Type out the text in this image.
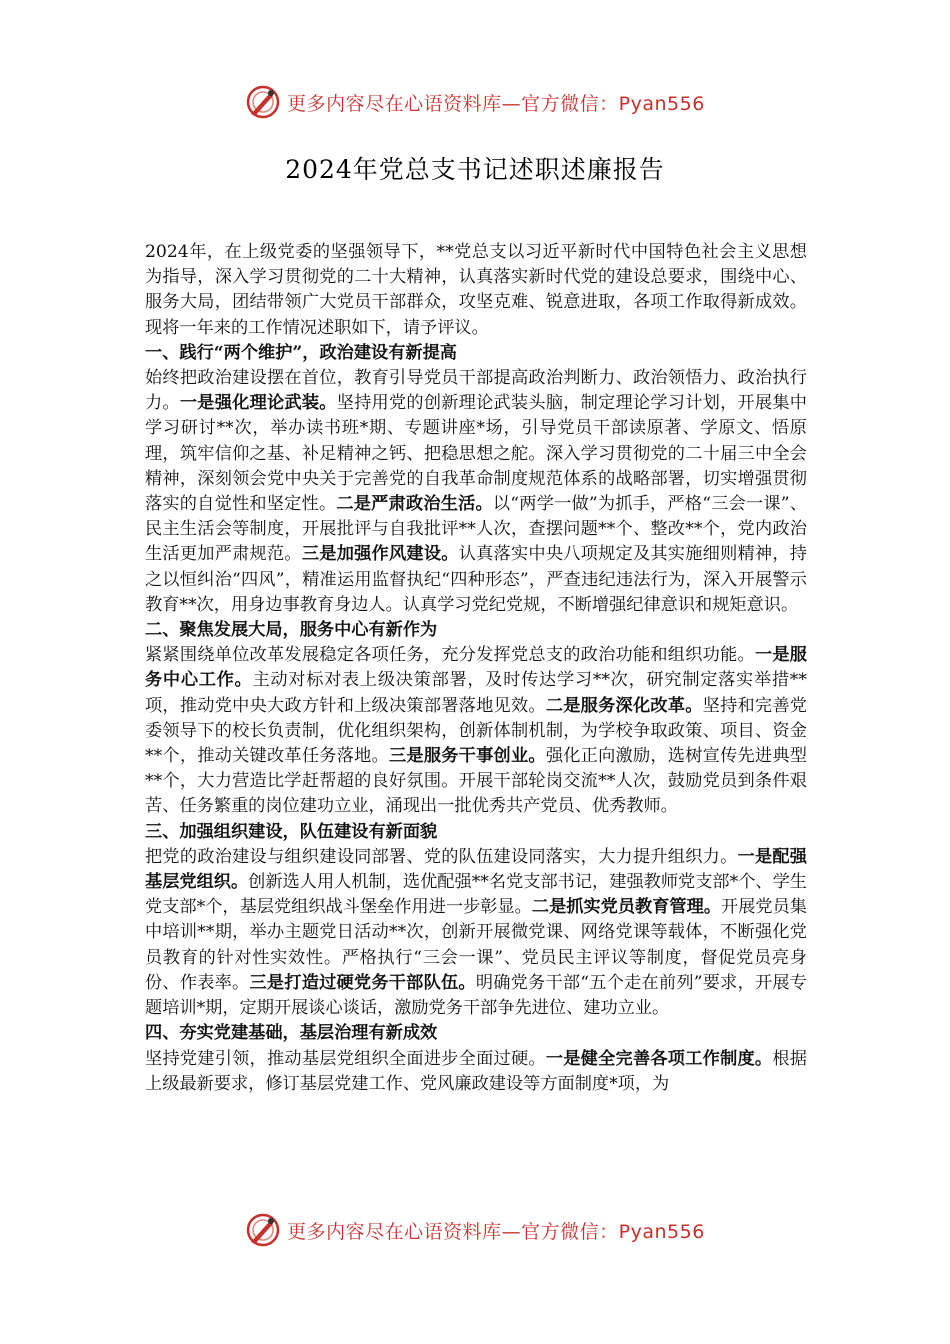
更多内容尽在心语资料库—官方微信：Pyan556
2024年党总支书记述职述廉报告

2024年，在上级党委的坚强领导下，**党总支以习近平新时代中国特色社会主义思想为指导，深入学习贯彻党的二十大精神，认真落实新时代党的建设总要求，围绕中心、服务大局，团结带领广大党员干部群众，攻坚克难、锐意进取，各项工作取得新成效。现将一年来的工作情况述职如下，请予评议。

一、践行“两个维护”，政治建设有新提高

始终把政治建设摆在首位，教育引导党员干部提高政治判断力、政治领悟力、政治执行力。一是强化理论武装。坚持用党的创新理论武装头脑，制定理论学习计划，开展集中学习研讨**次，举办读书班*期、专题讲座*场，引导党员干部读原著、学原文、悟原理，筑牢信仰之基、补足精神之钙、把稳思想之舵。深入学习贯彻党的二十届三中全会精神，深刻领会党中央关于完善党的自我革命制度规范体系的战略部署，切实增强贯彻落实的自觉性和坚定性。二是严肃政治生活。以“两学一做”为抓手，严格“三会一课”、民主生活会等制度，开展批评与自我批评**人次，查摆问题**个、整改**个，党内政治生活更加严肃规范。三是加强作风建设。认真落实中央八项规定及其实施细则精神，持之以恒纠治“四风”，精准运用监督执纪“四种形态”，严查违纪违法行为，深入开展警示教育**次，用身边事教育身边人。认真学习党纪党规，不断增强纪律意识和规矩意识。

二、聚焦发展大局，服务中心有新作为

紧紧围绕单位改革发展稳定各项任务，充分发挥党总支的政治功能和组织功能。一是服务中心工作。主动对标对表上级决策部署，及时传达学习**次，研究制定落实举措**项，推动党中央大政方针和上级决策部署落地见效。二是服务深化改革。坚持和完善党委领导下的校长负责制，优化组织架构，创新体制机制，为学校争取政策、项目、资金**个，推动关键改革任务落地。三是服务干事创业。强化正向激励，选树宣传先进典型**个，大力营造比学赶帮超的良好氛围。开展干部轮岗交流**人次，鼓励党员到条件艰苦、任务繁重的岗位建功立业，涌现出一批优秀共产党员、优秀教师。

三、加强组织建设，队伍建设有新面貌

把党的政治建设与组织建设同部署、党的队伍建设同落实，大力提升组织力。一是配强基层党组织。创新选人用人机制，选优配强**名党支部书记，建强教师党支部*个、学生党支部*个，基层党组织战斗堡垒作用进一步彰显。二是抓实党员教育管理。开展党员集中培训**期，举办主题党日活动**次，创新开展微党课、网络党课等载体，不断强化党员教育的针对性实效性。严格执行“三会一课”、党员民主评议等制度，督促党员亮身份、作表率。三是打造过硬党务干部队伍。明确党务干部“五个走在前列”要求，开展专题培训*期，定期开展谈心谈话，激励党务干部争先进位、建功立业。

四、夯实党建基础，基层治理有新成效

坚持党建引领，推动基层党组织全面进步全面过硬。一是健全完善各项工作制度。根据上级最新要求，修订基层党建工作、党风廉政建设等方面制度*项，为

更多内容尽在心语资料库—官方微信：Pyan556
